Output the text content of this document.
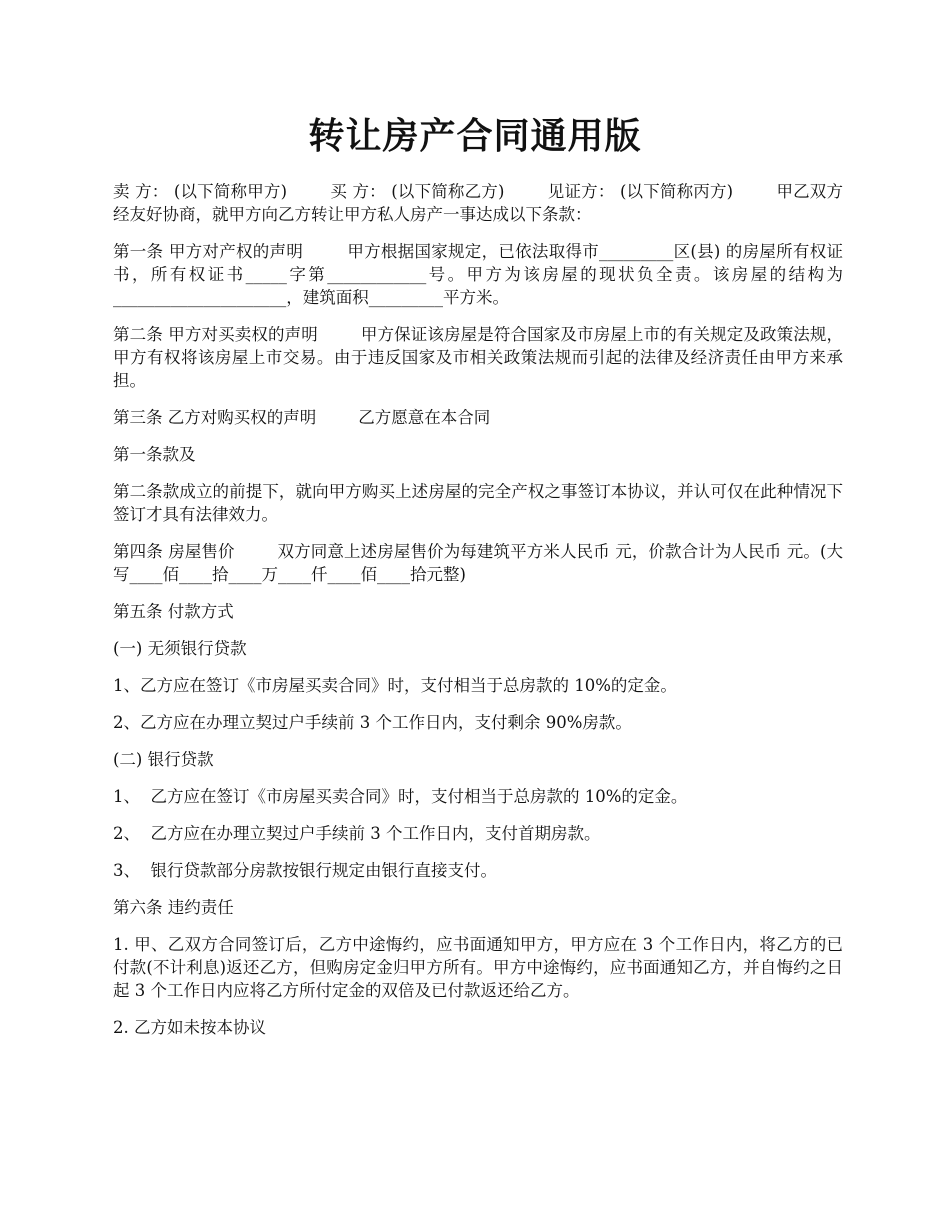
转让房产合同通用版

卖 方： (以下简称甲方)        买 方： (以下简称乙方)        见证方： (以下简称丙方)        甲乙双方经友好协商，就甲方向乙方转让甲方私人房产一事达成以下条款：

第一条 甲方对产权的声明        甲方根据国家规定，已依法取得市_________区(县) 的房屋所有权证书，所有权证书_____字第____________号。甲方为该房屋的现状负全责。该房屋的结构为 _____________________，建筑面积_________平方米。

第二条 甲方对买卖权的声明        甲方保证该房屋是符合国家及市房屋上市的有关规定及政策法规，甲方有权将该房屋上市交易。由于违反国家及市相关政策法规而引起的法律及经济责任由甲方来承担。

第三条 乙方对购买权的声明        乙方愿意在本合同

第一条款及

第二条款成立的前提下，就向甲方购买上述房屋的完全产权之事签订本协议，并认可仅在此种情况下签订才具有法律效力。

第四条 房屋售价        双方同意上述房屋售价为每建筑平方米人民币 元，价款合计为人民币 元。(大写____佰____拾____万____仟____佰____拾元整)

第五条 付款方式

(一) 无须银行贷款

1、乙方应在签订《市房屋买卖合同》时，支付相当于总房款的 10%的定金。

2、乙方应在办理立契过户手续前 3 个工作日内，支付剩余 90%房款。

(二) 银行贷款

1、  乙方应在签订《市房屋买卖合同》时，支付相当于总房款的 10%的定金。

2、  乙方应在办理立契过户手续前 3 个工作日内，支付首期房款。

3、  银行贷款部分房款按银行规定由银行直接支付。

第六条 违约责任

1. 甲、乙双方合同签订后，乙方中途悔约，应书面通知甲方，甲方应在 3 个工作日内，将乙方的已付款(不计利息)返还乙方，但购房定金归甲方所有。甲方中途悔约，应书面通知乙方，并自悔约之日起 3 个工作日内应将乙方所付定金的双倍及已付款返还给乙方。

2. 乙方如未按本协议
